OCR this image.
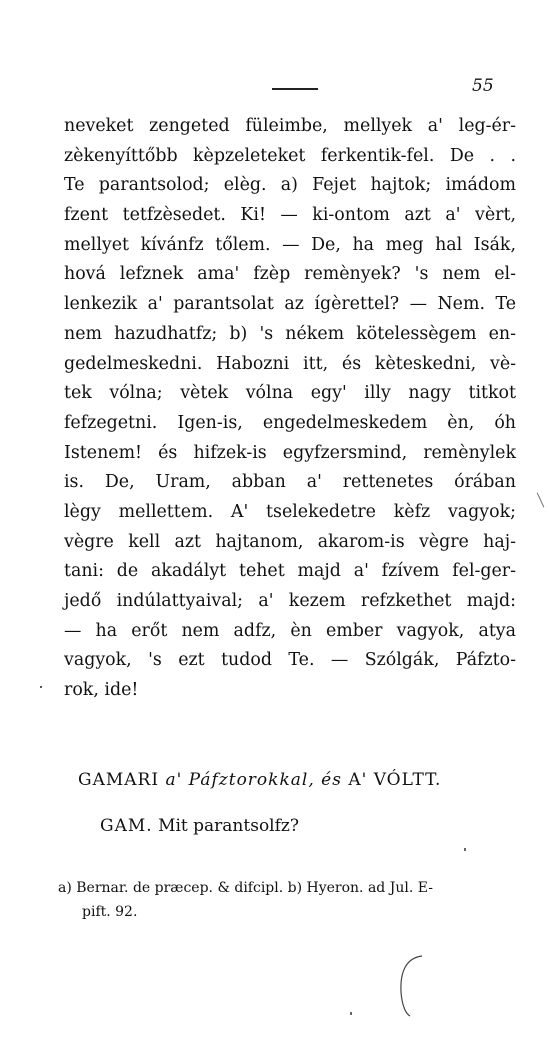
55
neveket zengeted füleimbe, mellyek a' leg-ér-
zèkenyíttőbb kèpzeleteket ferkentik-fel. De . .
Te parantsolod; elèg. a) Fejet hajtok; imádom
fzent tetfzèsedet. Ki! — ki-ontom azt a' vèrt,
mellyet kívánfz tőlem. — De, ha meg hal Isák,
hová lefznek ama' fzèp remènyek? 's nem el-
lenkezik a' parantsolat az ígèrettel? — Nem. Te
nem hazudhatfz; b) 's nékem kötelessègem en-
gedelmeskedni. Habozni itt, és kèteskedni, vè-
tek vólna; vètek vólna egy' illy nagy titkot
fefzegetni. Igen-is, engedelmeskedem èn, óh
Istenem! és hifzek-is egyfzersmind, remènylek
is. De, Uram, abban a' rettenetes órában
lègy mellettem. A' tselekedetre kèfz vagyok;
vègre kell azt hajtanom, akarom-is vègre haj-
tani: de akadályt tehet majd a' fzívem fel-ger-
jedő indúlattyaival; a' kezem refzkethet majd:
— ha erőt nem adfz, èn ember vagyok, atya
vagyok, 's ezt tudod Te. — Szólgák, Páfzto-
rok, ide!
GAMARI a' Páfztorokkal, és A' VÓLTT.
GAM. Mit parantsolfz?
a) Bernar. de præcep. & difcipl. b) Hyeron. ad Jul. E-
pift. 92.
